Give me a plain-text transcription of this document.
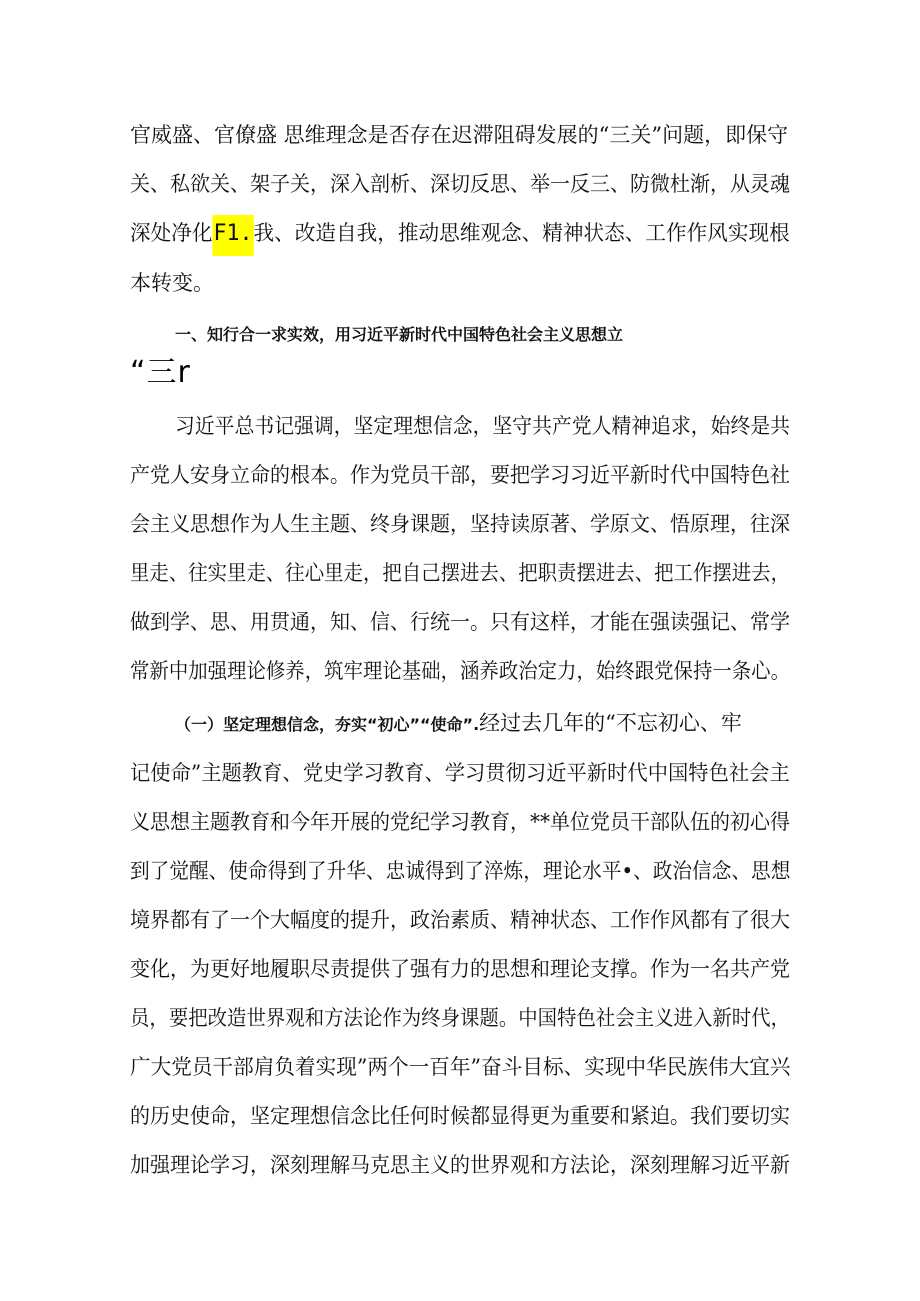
官威盛、官僚盛 思维理念是否存在迟滞阻碍发展的“三关”问题，即保守
关、私欲关、架子关，深入剖析、深切反思、举一反三、防微杜渐，从灵魂
深处净化F1.我、改造自我，推动思维观念、精神状态、工作作风实现根
本转变。
一、知行合一求实效，用习近平新时代中国特色社会主义思想立
“三r
习近平总书记强调，坚定理想信念，坚守共产党人精神追求，始终是共
产党人安身立命的根本。作为党员干部，要把学习习近平新时代中国特色社
会主义思想作为人生主题、终身课题，坚持读原著、学原文、悟原理，往深
里走、往实里走、往心里走，把自己摆进去、把职责摆进去、把工作摆进去，
做到学、思、用贯通，知、信、行统一。只有这样，才能在强读强记、常学
常新中加强理论修养，筑牢理论基础，涵养政治定力，始终跟党保持一条心。
（一）坚定理想信念，夯实“初心”“使命”.经过去几年的“不忘初心、牢
记使命”主题教育、党史学习教育、学习贯彻习近平新时代中国特色社会主
义思想主题教育和今年开展的党纪学习教育，**单位党员干部队伍的初心得
到了觉醒、使命得到了升华、忠诚得到了淬炼，理论水平•、政治信念、思想
境界都有了一个大幅度的提升，政治素质、精神状态、工作作风都有了很大
变化，为更好地履职尽责提供了强有力的思想和理论支撑。作为一名共产党
员，要把改造世界观和方法论作为终身课题。中国特色社会主义进入新时代，
广大党员干部肩负着实现”两个一百年”奋斗目标、实现中华民族伟大宜兴
的历史使命，坚定理想信念比任何时候都显得更为重要和紧迫。我们要切实
加强理论学习，深刻理解马克思主义的世界观和方法论，深刻理解习近平新
